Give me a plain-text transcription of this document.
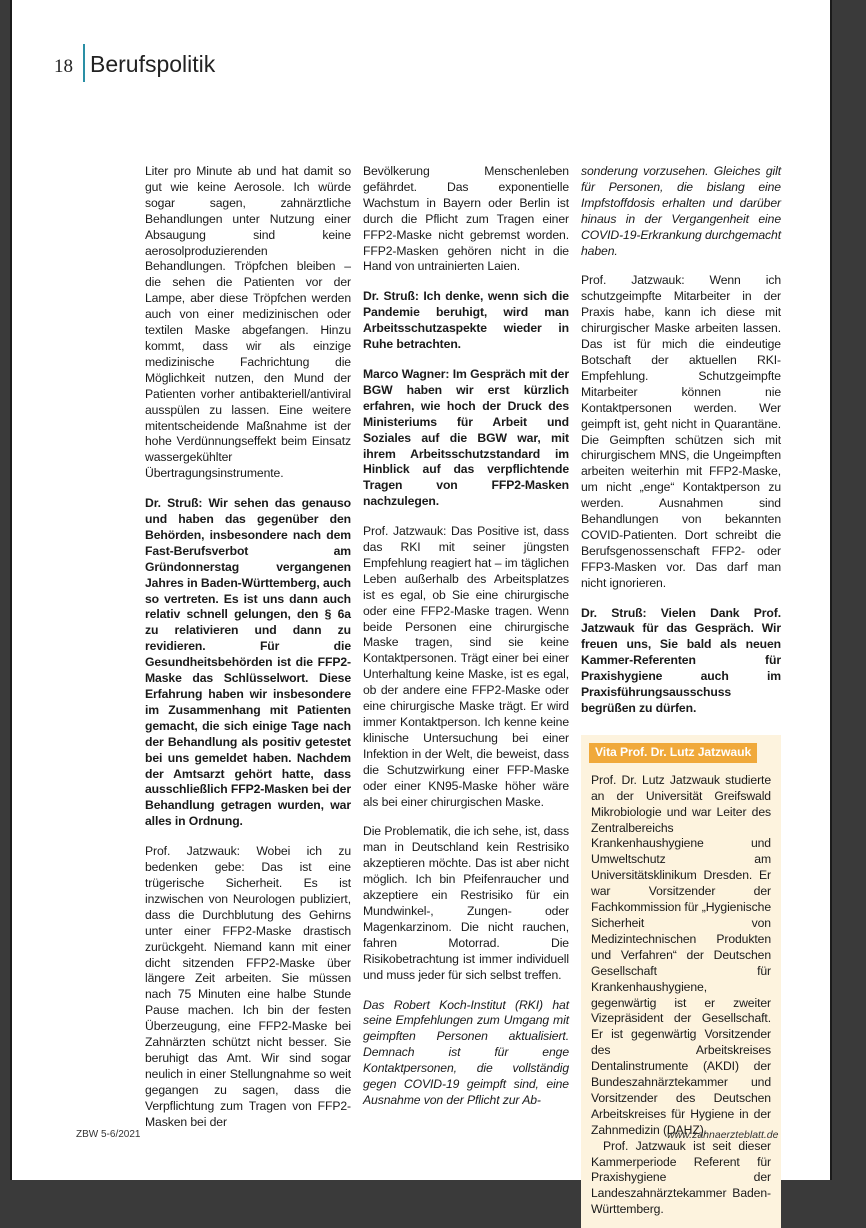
18 Berufspolitik

Liter pro Minute ab und hat damit so gut wie keine Aerosole. Ich würde sogar sagen, zahnärztliche Behandlungen unter Nutzung einer Absaugung sind keine aerosolproduzierenden Behandlungen. Tröpfchen bleiben – die sehen die Patienten vor der Lampe, aber diese Tröpfchen werden auch von einer medizinischen oder textilen Maske abgefangen. Hinzu kommt, dass wir als einzige medizinische Fachrichtung die Möglichkeit nutzen, den Mund der Patienten vorher antibakteriell/antiviral ausspülen zu lassen. Eine weitere mitentscheidende Maßnahme ist der hohe Verdünnungseffekt beim Einsatz wassergekühlter Übertragungsinstrumente.

Dr. Struß: Wir sehen das genauso und haben das gegenüber den Behörden, insbesondere nach dem Fast-Berufsverbot am Gründonnerstag vergangenen Jahres in Baden-Württemberg, auch so vertreten. Es ist uns dann auch relativ schnell gelungen, den § 6a zu relativieren und dann zu revidieren. Für die Gesundheitsbehörden ist die FFP2-Maske das Schlüsselwort. Diese Erfahrung haben wir insbesondere im Zusammenhang mit Patienten gemacht, die sich einige Tage nach der Behandlung als positiv getestet bei uns gemeldet haben. Nachdem der Amtsarzt gehört hatte, dass ausschließlich FFP2-Masken bei der Behandlung getragen wurden, war alles in Ordnung.

Prof. Jatzwauk: Wobei ich zu bedenken gebe: Das ist eine trügerische Sicherheit. Es ist inzwischen von Neurologen publiziert, dass die Durchblutung des Gehirns unter einer FFP2-Maske drastisch zurückgeht. Niemand kann mit einer dicht sitzenden FFP2-Maske über längere Zeit arbeiten. Sie müssen nach 75 Minuten eine halbe Stunde Pause machen. Ich bin der festen Überzeugung, eine FFP2-Maske bei Zahnärzten schützt nicht besser. Sie beruhigt das Amt. Wir sind sogar neulich in einer Stellungnahme so weit gegangen zu sagen, dass die Verpflichtung zum Tragen von FFP2-Masken bei der

Bevölkerung Menschenleben gefährdet. Das exponentielle Wachstum in Bayern oder Berlin ist durch die Pflicht zum Tragen einer FFP2-Maske nicht gebremst worden. FFP2-Masken gehören nicht in die Hand von untrainierten Laien.

Dr. Struß: Ich denke, wenn sich die Pandemie beruhigt, wird man Arbeitsschutzaspekte wieder in Ruhe betrachten.

Marco Wagner: Im Gespräch mit der BGW haben wir erst kürzlich erfahren, wie hoch der Druck des Ministeriums für Arbeit und Soziales auf die BGW war, mit ihrem Arbeitsschutzstandard im Hinblick auf das verpflichtende Tragen von FFP2-Masken nachzulegen.

Prof. Jatzwauk: Das Positive ist, dass das RKI mit seiner jüngsten Empfehlung reagiert hat – im täglichen Leben außerhalb des Arbeitsplatzes ist es egal, ob Sie eine chirurgische oder eine FFP2-Maske tragen. Wenn beide Personen eine chirurgische Maske tragen, sind sie keine Kontaktpersonen. Trägt einer bei einer Unterhaltung keine Maske, ist es egal, ob der andere eine FFP2-Maske oder eine chirurgische Maske trägt. Er wird immer Kontaktperson. Ich kenne keine klinische Untersuchung bei einer Infektion in der Welt, die beweist, dass die Schutzwirkung einer FFP-Maske oder einer KN95-Maske höher wäre als bei einer chirurgischen Maske.

Die Problematik, die ich sehe, ist, dass man in Deutschland kein Restrisiko akzeptieren möchte. Das ist aber nicht möglich. Ich bin Pfeifenraucher und akzeptiere ein Restrisiko für ein Mundwinkel-, Zungen- oder Magenkarzinom. Die nicht rauchen, fahren Motorrad. Die Risikobetrachtung ist immer individuell und muss jeder für sich selbst treffen.

Das Robert Koch-Institut (RKI) hat seine Empfehlungen zum Umgang mit geimpften Personen aktualisiert. Demnach ist für enge Kontaktpersonen, die vollständig gegen COVID-19 geimpft sind, eine Ausnahme von der Pflicht zur Ab-

sonderung vorzusehen. Gleiches gilt für Personen, die bislang eine Impfstoffdosis erhalten und darüber hinaus in der Vergangenheit eine COVID-19-Erkrankung durchgemacht haben.

Prof. Jatzwauk: Wenn ich schutzgeimpfte Mitarbeiter in der Praxis habe, kann ich diese mit chirurgischer Maske arbeiten lassen. Das ist für mich die eindeutige Botschaft der aktuellen RKI-Empfehlung. Schutzgeimpfte Mitarbeiter können nie Kontaktpersonen werden. Wer geimpft ist, geht nicht in Quarantäne. Die Geimpften schützen sich mit chirurgischem MNS, die Ungeimpften arbeiten weiterhin mit FFP2-Maske, um nicht „enge“ Kontaktperson zu werden. Ausnahmen sind Behandlungen von bekannten COVID-Patienten. Dort schreibt die Berufsgenossenschaft FFP2- oder FFP3-Masken vor. Das darf man nicht ignorieren.

Dr. Struß: Vielen Dank Prof. Jatzwauk für das Gespräch. Wir freuen uns, Sie bald als neuen Kammer-Referenten für Praxishygiene auch im Praxisführungsausschuss begrüßen zu dürfen.

Vita Prof. Dr. Lutz Jatzwauk

Prof. Dr. Lutz Jatzwauk studierte an der Universität Greifswald Mikrobiologie und war Leiter des Zentralbereichs Krankenhaushygiene und Umweltschutz am Universitätsklinikum Dresden. Er war Vorsitzender der Fachkommission für „Hygienische Sicherheit von Medizintechnischen Produkten und Verfahren“ der Deutschen Gesellschaft für Krankenhaushygiene, gegenwärtig ist er zweiter Vizepräsident der Gesellschaft. Er ist gegenwärtig Vorsitzender des Arbeitskreises Dentalinstrumente (AKDI) der Bundeszahnärztekammer und Vorsitzender des Deutschen Arbeitskreises für Hygiene in der Zahnmedizin (DAHZ).

Prof. Jatzwauk ist seit dieser Kammerperiode Referent für Praxishygiene der Landeszahnärztekammer Baden-Württemberg.

ZBW 5-6/2021	www.zahnaerzteblatt.de
